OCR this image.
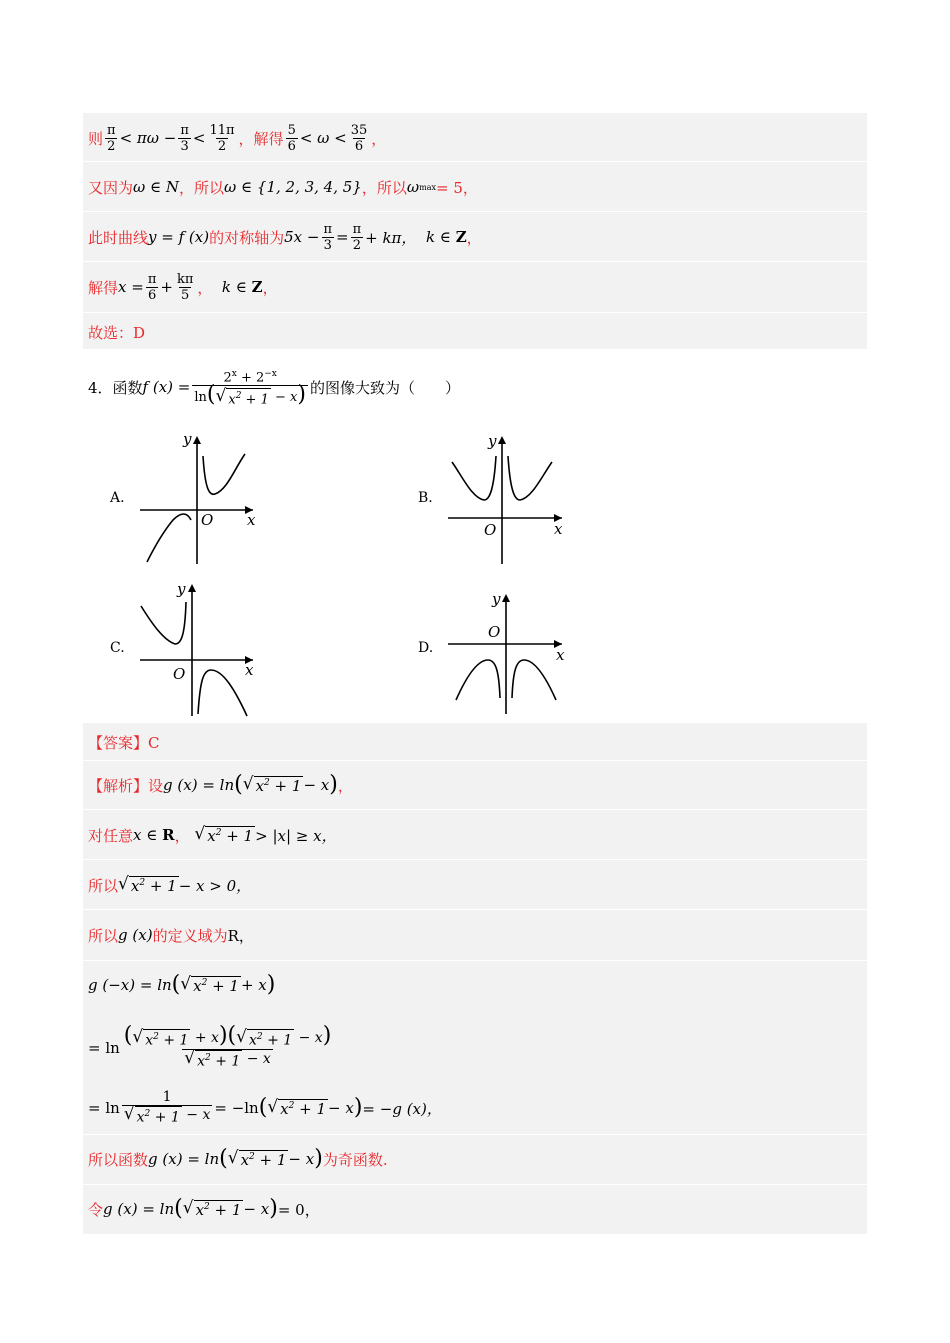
则 $\frac{\pi}{2} < \pi\omega - \frac{\pi}{3} < \frac{11\pi}{2}$ ，解得 $\frac{5}{6} < \omega < \frac{35}{6}$ ，
又因为 ω ∈ N ，所以 ω ∈ {1, 2, 3, 4, 5} ，所以 ω max = 5，
此时曲线 y = f (x) 的对称轴为 $5x - \frac{\pi}{3} = \frac{\pi}{2} + k\pi$，
k ∈
Z ，
解得 $x = \frac{\pi}{6} + \frac{k\pi}{5}$ ，
k ∈
Z ，
故选：D
4．函数 f $(x) = \frac{2^x + 2^{-x}}{\ln( √ x^2 + 1 - x)}$ 的图像大致为（　　）
A.	B.
C.	D.
y
x
O
y
x
O
y
x
O
y
x
O
【答案】C
【解析】 设 g (x) = ln ( √ $x^2 + 1 - x$ ) ，
对任意 x ∈
R ，
√ $x^2 + 1 > |x| \ge x$，
所以 √ $x^2 + 1 - x > 0$，
所以 g (x) 的定义域为 R，
g (−x) = ln ( √ $x^2 + 1 + x$ )
= $\ln \frac{( √ x^2 + 1 + x)( √ x^2 + 1 - x)}{√ x^2 + 1 - x}$
= $\ln \frac{1}{√ x^2 + 1 - x} = -\ln$ ( √ $x^2 + 1 - x$ ) = −g (x)，
所以函数 g (x) = ln ( √ $x^2 + 1 - x$ ) 为奇函数.
令 g (x) = ln ( √ $x^2 + 1 - x$ ) = 0，
